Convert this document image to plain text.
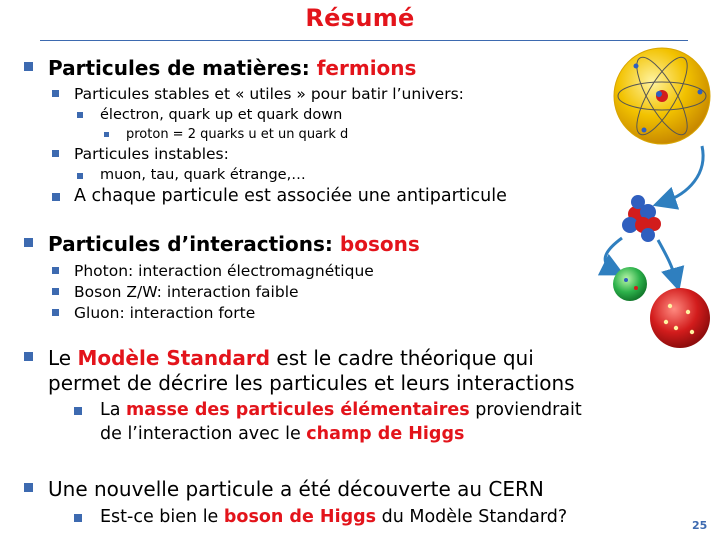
Résumé
Particules de matières: fermions
Particules stables et « utiles » pour batir l’univers:
électron, quark up et quark down
proton = 2 quarks u et un quark d
Particules instables:
muon, tau, quark étrange,…
A chaque particule est associée une antiparticule
Particules d’interactions: bosons
Photon: interaction électromagnétique
Boson Z/W: interaction faible
Gluon: interaction forte
Le Modèle Standard est le cadre théorique qui
permet de décrire les particules et leurs interactions
La masse des particules élémentaires proviendrait
de l’interaction avec le champ de Higgs
Une nouvelle particule a été découverte au CERN
Est-ce bien le boson de Higgs du Modèle Standard?	25
